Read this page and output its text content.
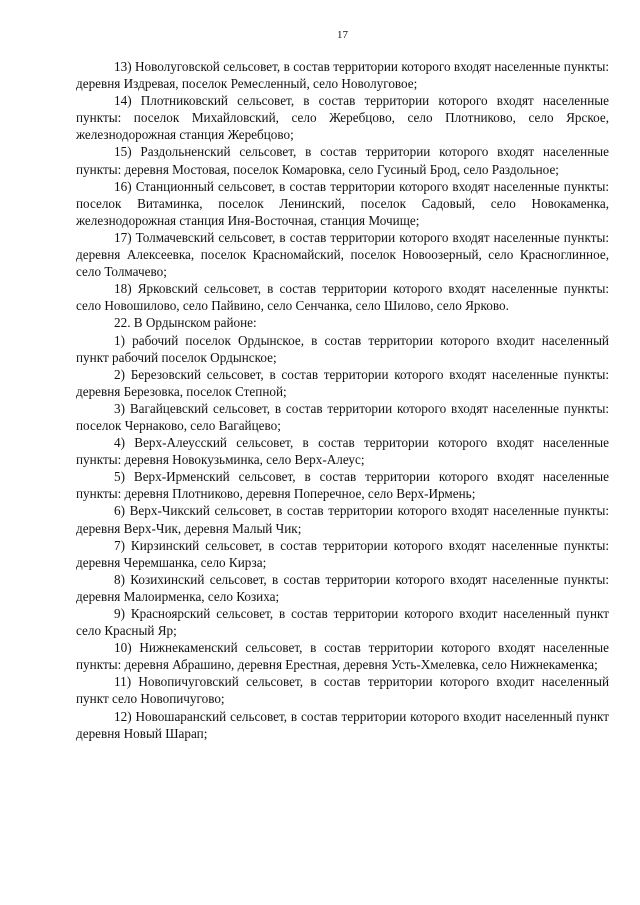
17

13) Новолуговской сельсовет, в состав территории которого входят населенные пункты: деревня Издревая, поселок Ремесленный, село Новолуговое;

14) Плотниковский сельсовет, в состав территории которого входят населенные пункты: поселок Михайловский, село Жеребцово, село Плотниково, село Ярское, железнодорожная станция Жеребцово;

15) Раздольненский сельсовет, в состав территории которого входят населенные пункты: деревня Мостовая, поселок Комаровка, село Гусиный Брод, село Раздольное;

16) Станционный сельсовет, в состав территории которого входят населенные пункты: поселок Витаминка, поселок Ленинский, поселок Садовый, село Новокаменка, железнодорожная станция Иня-Восточная, станция Мочище;

17) Толмачевский сельсовет, в состав территории которого входят населенные пункты: деревня Алексеевка, поселок Красномайский, поселок Новоозерный, село Красноглинное, село Толмачево;

18) Ярковский сельсовет, в состав территории которого входят населенные пункты: село Новошилово, село Пайвино, село Сенчанка, село Шилово, село Ярково.

22. В Ордынском районе:

1) рабочий поселок Ордынское, в состав территории которого входит населенный пункт рабочий поселок Ордынское;

2) Березовский сельсовет, в состав территории которого входят населенные пункты: деревня Березовка, поселок Степной;

3) Вагайцевский сельсовет, в состав территории которого входят населенные пункты: поселок Чернаково, село Вагайцево;

4) Верх-Алеусский сельсовет, в состав территории которого входят населенные пункты: деревня Новокузьминка, село Верх-Алеус;

5) Верх-Ирменский сельсовет, в состав территории которого входят населенные пункты: деревня Плотниково, деревня Поперечное, село Верх-Ирмень;

6) Верх-Чикский сельсовет, в состав территории которого входят населенные пункты: деревня Верх-Чик, деревня Малый Чик;

7) Кирзинский сельсовет, в состав территории которого входят населенные пункты: деревня Черемшанка, село Кирза;

8) Козихинский сельсовет, в состав территории которого входят населенные пункты: деревня Малоирменка, село Козиха;

9) Красноярский сельсовет, в состав территории которого входит населенный пункт село Красный Яр;

10) Нижнекаменский сельсовет, в состав территории которого входят населенные пункты: деревня Абрашино, деревня Ерестная, деревня Усть-Хмелевка, село Нижнекаменка;

11) Новопичуговский сельсовет, в состав территории которого входит населенный пункт село Новопичугово;

12) Новошаранский сельсовет, в состав территории которого входит населенный пункт деревня Новый Шарап;
